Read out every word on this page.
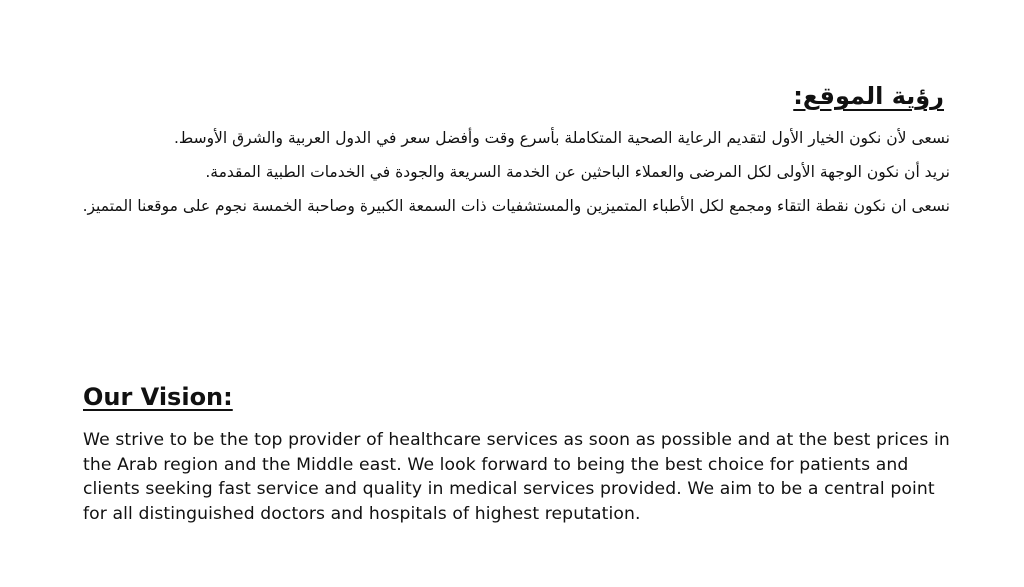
رؤية الموقع:

نسعى لأن نكون الخيار الأول لتقديم الرعاية الصحية المتكاملة بأسرع وقت وأفضل سعر في الدول العربية والشرق الأوسط.

نريد أن نكون الوجهة الأولى لكل المرضى والعملاء الباحثين عن الخدمة السريعة والجودة في الخدمات الطبية المقدمة.

نسعى ان نكون نقطة التقاء ومجمع لكل الأطباء المتميزين والمستشفيات ذات السمعة الكبيرة وصاحبة الخمسة نجوم على موقعنا المتميز.

Our Vision:

We strive to be the top provider of healthcare services as soon as possible and at the best prices in the Arab region and the Middle east. We look forward to being the best choice for patients and clients seeking fast service and quality in medical services provided. We aim to be a central point for all distinguished doctors and hospitals of highest reputation.
